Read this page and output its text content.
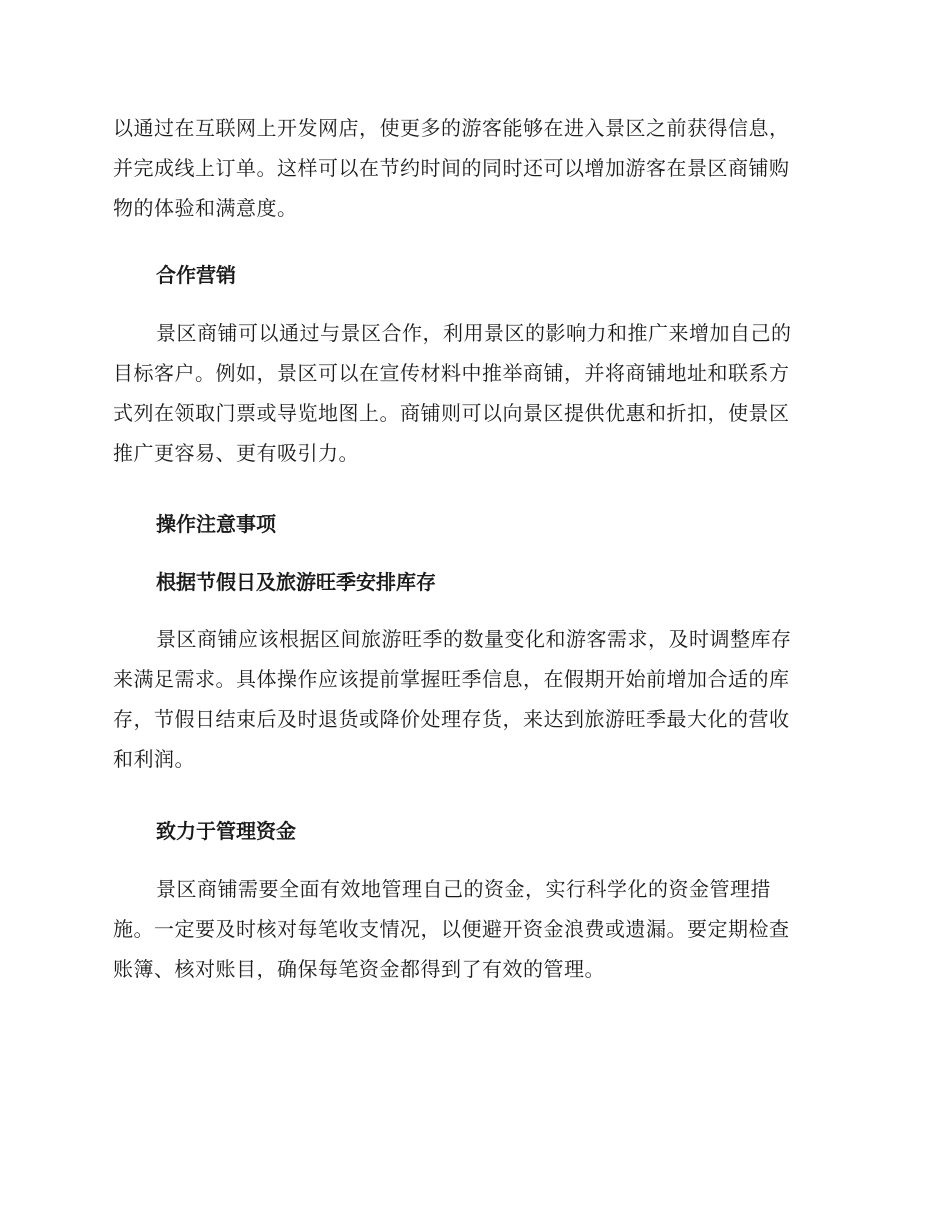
以通过在互联网上开发网店，使更多的游客能够在进入景区之前获得信息，
并完成线上订单。这样可以在节约时间的同时还可以增加游客在景区商铺购
物的体验和满意度。
合作营销
景区商铺可以通过与景区合作，利用景区的影响力和推广来增加自己的
目标客户。例如，景区可以在宣传材料中推举商铺，并将商铺地址和联系方
式列在领取门票或导览地图上。商铺则可以向景区提供优惠和折扣，使景区
推广更容易、更有吸引力。
操作注意事项
根据节假日及旅游旺季安排库存
景区商铺应该根据区间旅游旺季的数量变化和游客需求，及时调整库存
来满足需求。具体操作应该提前掌握旺季信息，在假期开始前增加合适的库
存，节假日结束后及时退货或降价处理存货，来达到旅游旺季最大化的营收
和利润。
致力于管理资金
景区商铺需要全面有效地管理自己的资金，实行科学化的资金管理措
施。一定要及时核对每笔收支情况，以便避开资金浪费或遗漏。要定期检查
账簿、核对账目，确保每笔资金都得到了有效的管理。
